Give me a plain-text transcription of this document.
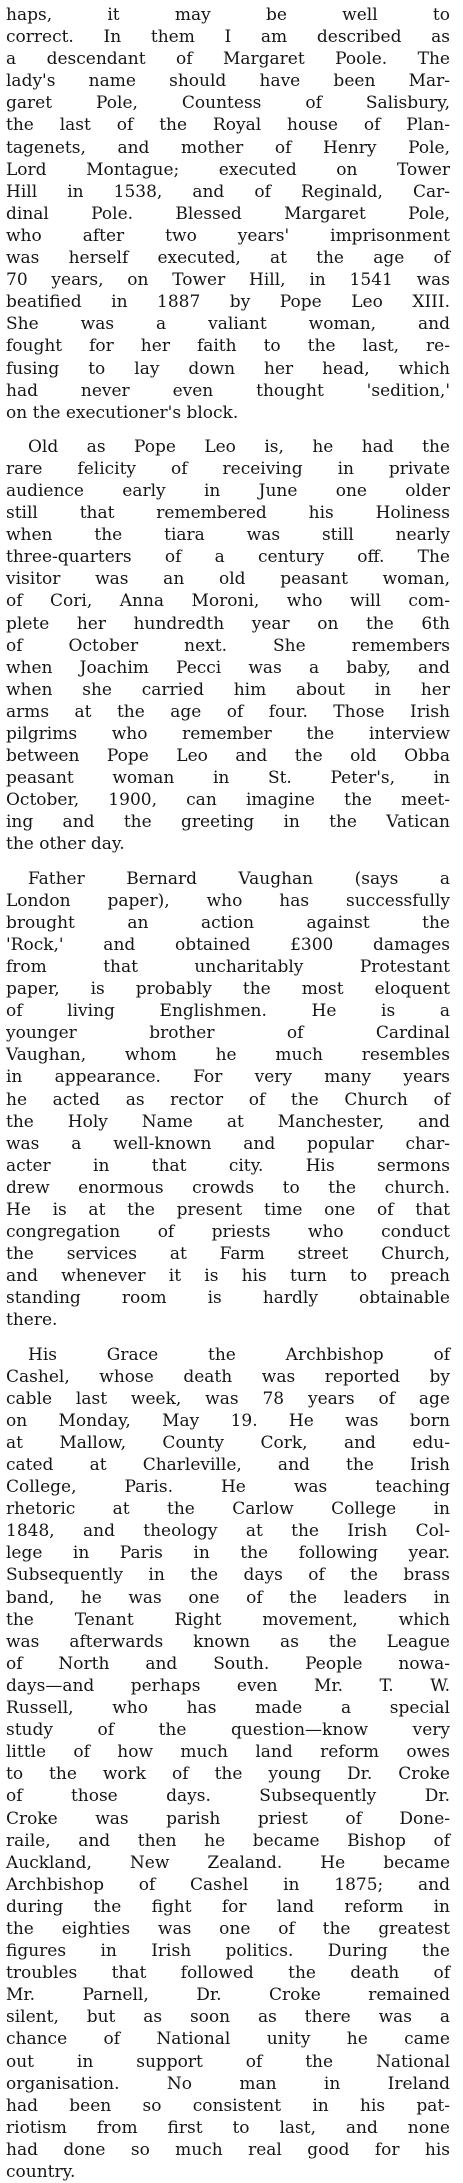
haps, it may be well to
correct. In them I am described as
a descendant of Margaret Poole. The
lady's name should have been Mar-
garet Pole, Countess of Salisbury,
the last of the Royal house of Plan-
tagenets, and mother of Henry Pole,
Lord Montague; executed on Tower
Hill in 1538, and of Reginald, Car-
dinal Pole. Blessed Margaret Pole,
who after two years' imprisonment
was herself executed, at the age of
70 years, on Tower Hill, in 1541 was
beatified in 1887 by Pope Leo XIII.
She was a valiant woman, and
fought for her faith to the last, re-
fusing to lay down her head, which
had never even thought 'sedition,'
on the executioner's block.
Old as Pope Leo is, he had the
rare felicity of receiving in private
audience early in June one older
still that remembered his Holiness
when the tiara was still nearly
three-quarters of a century off. The
visitor was an old peasant woman,
of Cori, Anna Moroni, who will com-
plete her hundredth year on the 6th
of October next. She remembers
when Joachim Pecci was a baby, and
when she carried him about in her
arms at the age of four. Those Irish
pilgrims who remember the interview
between Pope Leo and the old Obba
peasant woman in St. Peter's, in
October, 1900, can imagine the meet-
ing and the greeting in the Vatican
the other day.
Father Bernard Vaughan (says a
London paper), who has successfully
brought an action against the
'Rock,' and obtained £300 damages
from that uncharitably Protestant
paper, is probably the most eloquent
of living Englishmen. He is a
younger brother of Cardinal
Vaughan, whom he much resembles
in appearance. For very many years
he acted as rector of the Church of
the Holy Name at Manchester, and
was a well-known and popular char-
acter in that city. His sermons
drew enormous crowds to the church.
He is at the present time one of that
congregation of priests who conduct
the services at Farm street Church,
and whenever it is his turn to preach
standing room is hardly obtainable
there.
His Grace the Archbishop of
Cashel, whose death was reported by
cable last week, was 78 years of age
on Monday, May 19. He was born
at Mallow, County Cork, and edu-
cated at Charleville, and the Irish
College, Paris. He was teaching
rhetoric at the Carlow College in
1848, and theology at the Irish Col-
lege in Paris in the following year.
Subsequently in the days of the brass
band, he was one of the leaders in
the Tenant Right movement, which
was afterwards known as the League
of North and South. People nowa-
days—and perhaps even Mr. T. W.
Russell, who has made a special
study of the question—know very
little of how much land reform owes
to the work of the young Dr. Croke
of those days. Subsequently Dr.
Croke was parish priest of Done-
raile, and then he became Bishop of
Auckland, New Zealand. He became
Archbishop of Cashel in 1875; and
during the fight for land reform in
the eighties was one of the greatest
figures in Irish politics. During the
troubles that followed the death of
Mr. Parnell, Dr. Croke remained
silent, but as soon as there was a
chance of National unity he came
out in support of the National
organisation. No man in Ireland
had been so consistent in his pat-
riotism from first to last, and none
had done so much real good for his
country.
